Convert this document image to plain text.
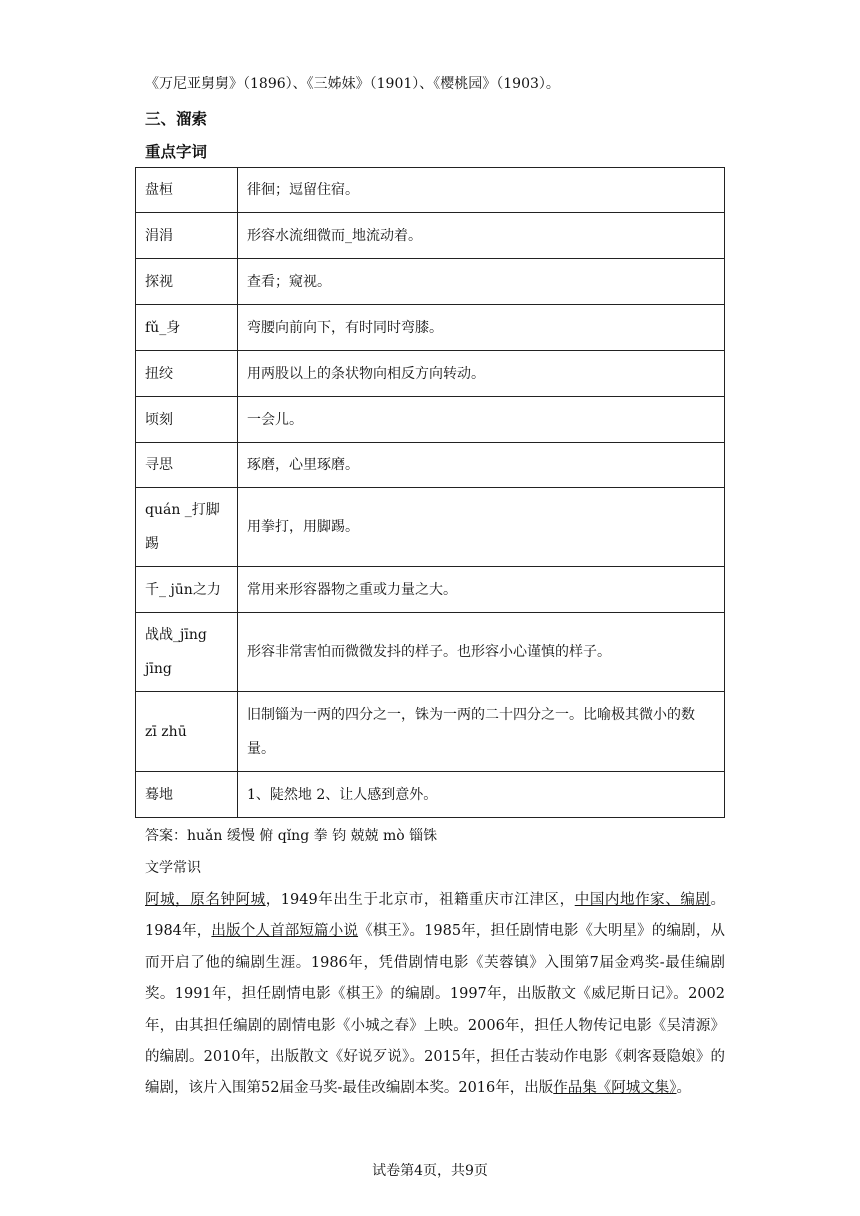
《万尼亚舅舅》（1896）、《三姊妹》（1901）、《樱桃园》（1903）。
三、溜索
重点字词
盘桓	徘徊；逗留住宿。
涓涓	形容水流细微而_地流动着。
探视	查看；窥视。
fǔ_身	弯腰向前向下，有时同时弯膝。
扭绞	用两股以上的条状物向相反方向转动。
顷刻	一会儿。
寻思	琢磨，心里琢磨。
quán _打脚踢	用拳打，用脚踢。
千_ jūn之力	常用来形容器物之重或力量之大。
战战_jīng jīng	形容非常害怕而微微发抖的样子。也形容小心谨慎的样子。
zī zhū	旧制锱为一两的四分之一，铢为一两的二十四分之一。比喻极其微小的数量。
蓦地	1、陡然地 2、让人感到意外。
答案：huǎn 缓慢 俯 qǐng 拳 钧 兢兢 mò 锱铢
文学常识
阿城，原名钟阿城，1949年出生于北京市，祖籍重庆市江津区，中国内地作家、编剧。1984年，出版个人首部短篇小说《棋王》。1985年，担任剧情电影《大明星》的编剧，从而开启了他的编剧生涯。1986年，凭借剧情电影《芙蓉镇》入围第7届金鸡奖-最佳编剧奖。1991年，担任剧情电影《棋王》的编剧。1997年，出版散文《威尼斯日记》。2002年，由其担任编剧的剧情电影《小城之春》上映。2006年，担任人物传记电影《吴清源》的编剧。2010年，出版散文《好说歹说》。2015年，担任古装动作电影《刺客聂隐娘》的编剧，该片入围第52届金马奖-最佳改编剧本奖。2016年，出版作品集《阿城文集》。
试卷第4页，共9页
